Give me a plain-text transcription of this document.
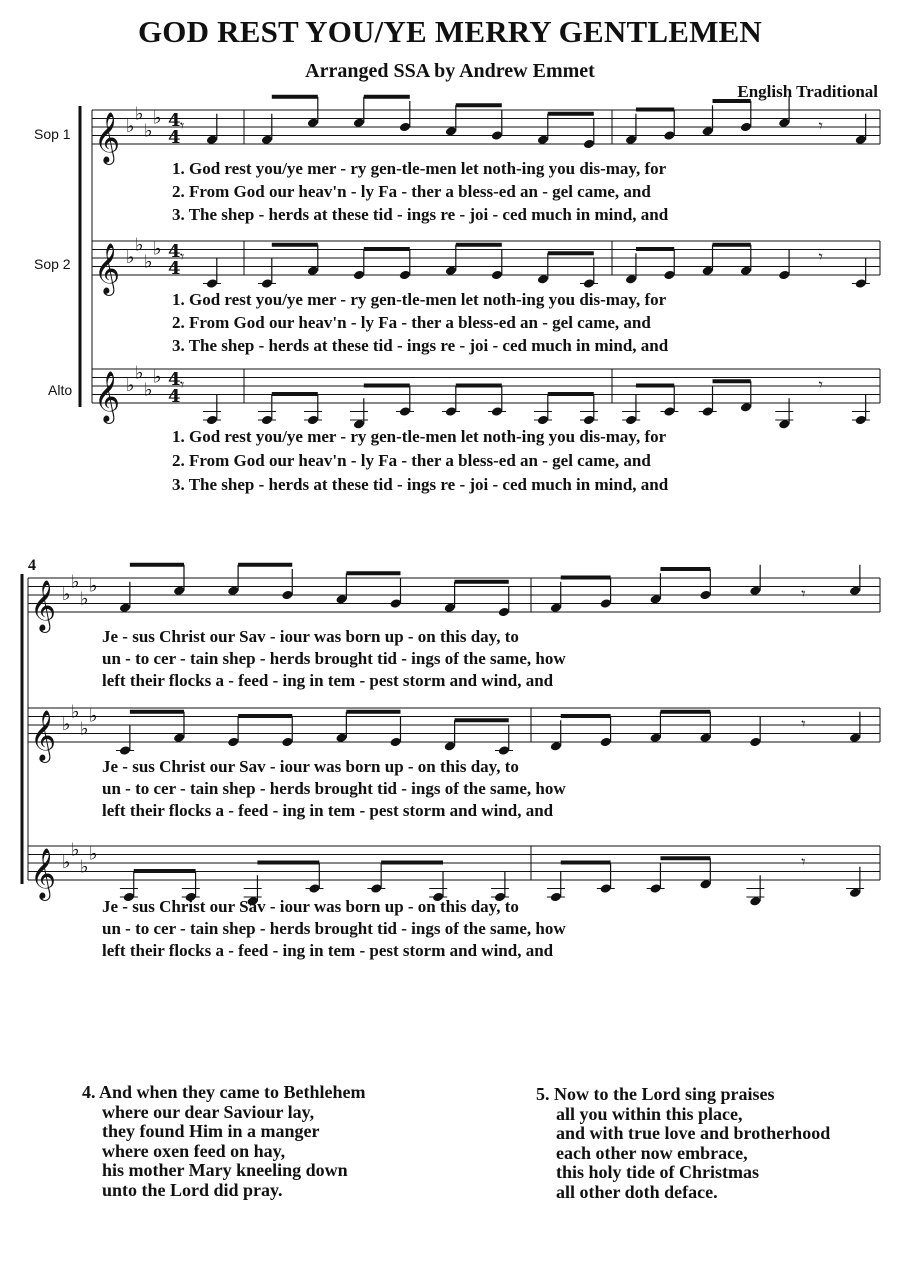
GOD REST YOU/YE MERRY GENTLEMEN
Arranged SSA by Andrew Emmet
English Traditional
𝄞 ♭
♭
♭
♭ 4
4
𝄾	𝄾
𝄞 ♭
♭
♭
♭ 4
4
𝄾	𝄾
𝄞 ♭
♭
♭
♭ 4
4
𝄾	𝄾
𝄞 ♭
♭
♭
♭	𝄾
𝄞 ♭
♭
♭
♭	𝄾
𝄞 ♭
♭
♭
♭	𝄾
Sop 1
Sop 2
Alto
4
1. God rest you/ye mer - ry gen-tle-men let noth-ing you dis-may, for
2. From God our heav'n - ly Fa - ther a bless-ed an - gel came, and
3. The shep - herds at these tid - ings re - joi - ced much in mind, and
1. God rest you/ye mer - ry gen-tle-men let noth-ing you dis-may, for
2. From God our heav'n - ly Fa - ther a bless-ed an - gel came, and
3. The shep - herds at these tid - ings re - joi - ced much in mind, and
1. God rest you/ye mer - ry gen-tle-men let noth-ing you dis-may, for
2. From God our heav'n - ly Fa - ther a bless-ed an - gel came, and
3. The shep - herds at these tid - ings re - joi - ced much in mind, and
Je - sus Christ our Sav - iour was born up - on this day, to
un - to cer - tain shep - herds brought tid - ings of the same, how
left their flocks a - feed - ing in tem - pest storm and wind, and
Je - sus Christ our Sav - iour was born up - on this day, to
un - to cer - tain shep - herds brought tid - ings of the same, how
left their flocks a - feed - ing in tem - pest storm and wind, and
Je - sus Christ our Sav - iour was born up - on this day, to
un - to cer - tain shep - herds brought tid - ings of the same, how
left their flocks a - feed - ing in tem - pest storm and wind, and
4. And when they came to Bethlehem
where our dear Saviour lay,
they found Him in a manger
where oxen feed on hay,
his mother Mary kneeling down
unto the Lord did pray.
5. Now to the Lord sing praises
all you within this place,
and with true love and brotherhood
each other now embrace,
this holy tide of Christmas
all other doth deface.
